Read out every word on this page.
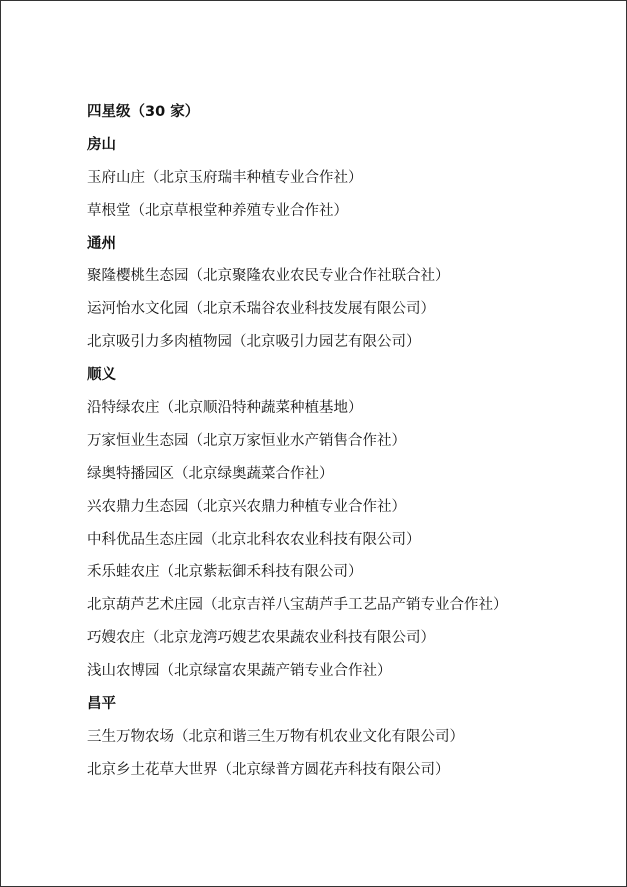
四星级（30 家）
房山
玉府山庄（北京玉府瑞丰种植专业合作社）
草根堂（北京草根堂种养殖专业合作社）
通州
聚隆樱桃生态园（北京聚隆农业农民专业合作社联合社）
运河怡水文化园（北京禾瑞谷农业科技发展有限公司）
北京吸引力多肉植物园（北京吸引力园艺有限公司）
顺义
沿特绿农庄（北京顺沿特种蔬菜种植基地）
万家恒业生态园（北京万家恒业水产销售合作社）
绿奥特播园区（北京绿奥蔬菜合作社）
兴农鼎力生态园（北京兴农鼎力种植专业合作社）
中科优品生态庄园（北京北科农农业科技有限公司）
禾乐蛙农庄（北京紫耘御禾科技有限公司）
北京葫芦艺术庄园（北京吉祥八宝葫芦手工艺品产销专业合作社）
巧嫂农庄（北京龙湾巧嫂艺农果蔬农业科技有限公司）
浅山农博园（北京绿富农果蔬产销专业合作社）
昌平
三生万物农场（北京和谐三生万物有机农业文化有限公司）
北京乡土花草大世界（北京绿普方圆花卉科技有限公司）
